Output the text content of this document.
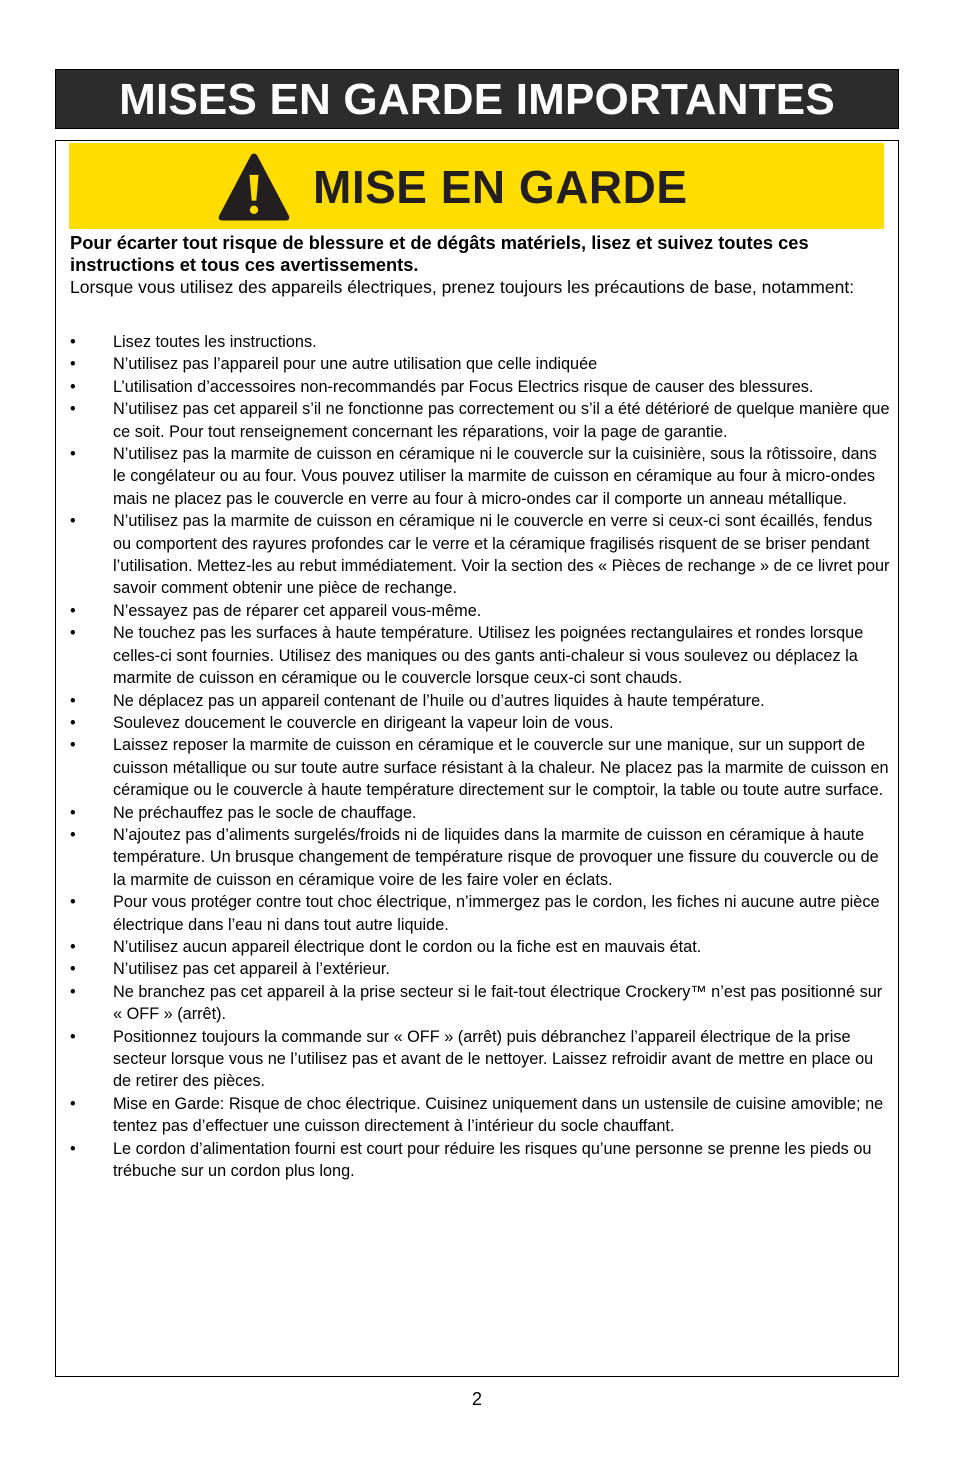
MISES EN GARDE IMPORTANTES
MISE EN GARDE

Pour écarter tout risque de blessure et de dégâts matériels, lisez et suivez toutes ces instructions et tous ces avertissements.

Lorsque vous utilisez des appareils électriques, prenez toujours les précautions de base, notamment:

• Lisez toutes les instructions.
• N’utilisez pas l’appareil pour une autre utilisation que celle indiquée
• L’utilisation d’accessoires non-recommandés par Focus Electrics risque de causer des blessures.
• N’utilisez pas cet appareil s’il ne fonctionne pas correctement ou s’il a été détérioré de quelque manière que ce soit. Pour tout renseignement concernant les réparations, voir la page de garantie.
• N’utilisez pas la marmite de cuisson en céramique ni le couvercle sur la cuisinière, sous la rôtissoire, dans le congélateur ou au four. Vous pouvez utiliser la marmite de cuisson en céramique au four à micro-ondes mais ne placez pas le couvercle en verre au four à micro-ondes car il comporte un anneau métallique.
• N’utilisez pas la marmite de cuisson en céramique ni le couvercle en verre si ceux-ci sont écaillés, fendus ou comportent des rayures profondes car le verre et la céramique fragilisés risquent de se briser pendant l’utilisation. Mettez-les au rebut immédiatement. Voir la section des « Pièces de rechange » de ce livret pour savoir comment obtenir une pièce de rechange.
• N’essayez pas de réparer cet appareil vous-même.
• Ne touchez pas les surfaces à haute température. Utilisez les poignées rectangulaires et rondes lorsque celles-ci sont fournies. Utilisez des maniques ou des gants anti-chaleur si vous soulevez ou déplacez la marmite de cuisson en céramique ou le couvercle lorsque ceux-ci sont chauds.
• Ne déplacez pas un appareil contenant de l’huile ou d’autres liquides à haute température.
• Soulevez doucement le couvercle en dirigeant la vapeur loin de vous.
• Laissez reposer la marmite de cuisson en céramique et le couvercle sur une manique, sur un support de cuisson métallique ou sur toute autre surface résistant à la chaleur. Ne placez pas la marmite de cuisson en céramique ou le couvercle à haute température directement sur le comptoir, la table ou toute autre surface.
• Ne préchauffez pas le socle de chauffage.
• N’ajoutez pas d’aliments surgelés/froids ni de liquides dans la marmite de cuisson en céramique à haute température. Un brusque changement de température risque de provoquer une fissure du couvercle ou de la marmite de cuisson en céramique voire de les faire voler en éclats.
• Pour vous protéger contre tout choc électrique, n’immergez pas le cordon, les fiches ni aucune autre pièce électrique dans l’eau ni dans tout autre liquide.
• N’utilisez aucun appareil électrique dont le cordon ou la fiche est en mauvais état.
• N’utilisez pas cet appareil à l’extérieur.
• Ne branchez pas cet appareil à la prise secteur si le fait-tout électrique Crockery™ n’est pas positionné sur « OFF » (arrêt).
• Positionnez toujours la commande sur « OFF » (arrêt) puis débranchez l’appareil électrique de la prise secteur lorsque vous ne l’utilisez pas et avant de le nettoyer. Laissez refroidir avant de mettre en place ou de retirer des pièces.
• Mise en Garde: Risque de choc électrique. Cuisinez uniquement dans un ustensile de cuisine amovible; ne tentez pas d’effectuer une cuisson directement à l’intérieur du socle chauffant.
• Le cordon d’alimentation fourni est court pour réduire les risques qu’une personne se prenne les pieds ou trébuche sur un cordon plus long.
2
